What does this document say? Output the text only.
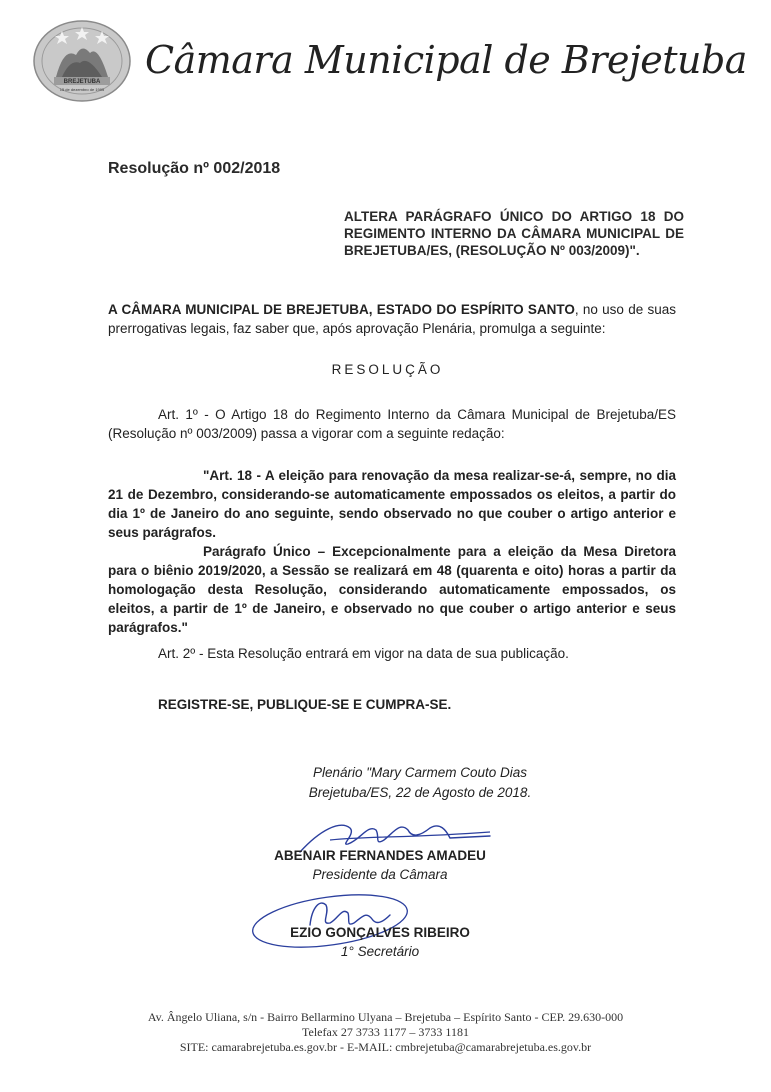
BREJETUBA
15 de dezembro de 1995
Câmara Municipal de Brejetuba
Resolução nº 002/2018
ALTERA PARÁGRAFO ÚNICO DO ARTIGO 18 DO REGIMENTO INTERNO DA CÂMARA MUNICIPAL DE BREJETUBA/ES, (RESOLUÇÃO Nº 003/2009)".
A CÂMARA MUNICIPAL DE BREJETUBA, ESTADO DO ESPÍRITO SANTO, no uso de suas prerrogativas legais, faz saber que, após aprovação Plenária, promulga a seguinte:
RESOLUÇÃO
Art. 1º - O Artigo 18 do Regimento Interno da Câmara Municipal de Brejetuba/ES (Resolução nº 003/2009) passa a vigorar com a seguinte redação:
"Art. 18 - A eleição para renovação da mesa realizar-se-á, sempre, no dia 21 de Dezembro, considerando-se automaticamente empossados os eleitos, a partir do dia 1º de Janeiro do ano seguinte, sendo observado no que couber o artigo anterior e seus parágrafos.
Parágrafo Único – Excepcionalmente para a eleição da Mesa Diretora para o biênio 2019/2020, a Sessão se realizará em 48 (quarenta e oito) horas a partir da homologação desta Resolução, considerando automaticamente empossados, os eleitos, a partir de 1º de Janeiro, e observado no que couber o artigo anterior e seus parágrafos."
Art. 2º - Esta Resolução entrará em vigor na data de sua publicação.
REGISTRE-SE, PUBLIQUE-SE E CUMPRA-SE.
Plenário "Mary Carmem Couto Dias
Brejetuba/ES, 22 de Agosto de 2018.
ABENAIR FERNANDES AMADEU
Presidente da Câmara
EZIO GONÇALVES RIBEIRO
1° Secretário
Av. Ângelo Uliana, s/n - Bairro Bellarmino Ulyana – Brejetuba – Espírito Santo - CEP. 29.630-000
Telefax 27 3733 1177 – 3733 1181
SITE: camarabrejetuba.es.gov.br - E-MAIL: cmbrejetuba@camarabrejetuba.es.gov.br
